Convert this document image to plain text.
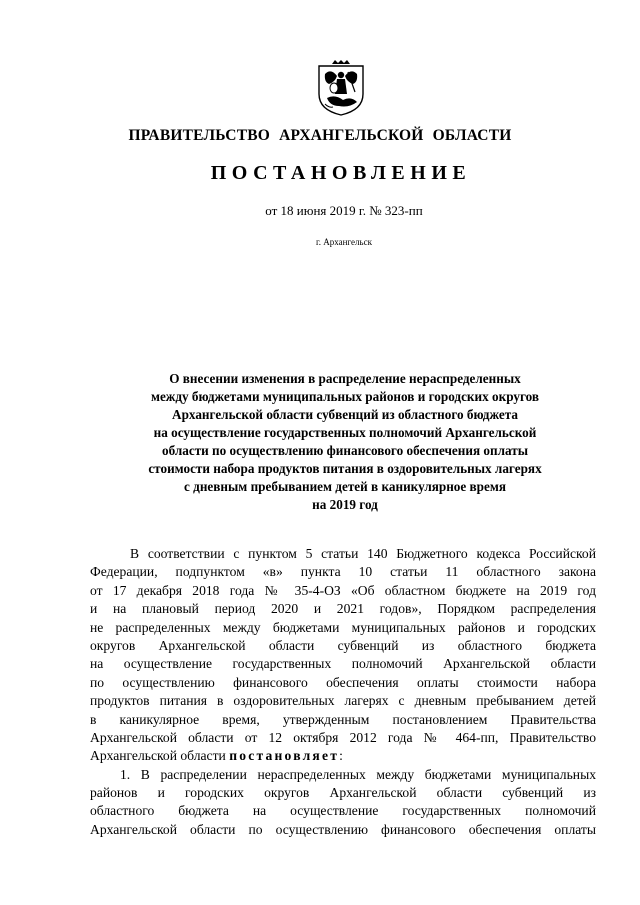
ПРАВИТЕЛЬСТВО АРХАНГЕЛЬСКОЙ ОБЛАСТИ
ПОСТАНОВЛЕНИЕ
от 18 июня 2019 г. № 323-пп
г. Архангельск
О внесении изменения в распределение нераспределенных
между бюджетами муниципальных районов и городских округов
Архангельской области субвенций из областного бюджета
на осуществление государственных полномочий Архангельской
области по осуществлению финансового обеспечения оплаты
стоимости набора продуктов питания в оздоровительных лагерях
с дневным пребыванием детей в каникулярное время
на 2019 год
В соответствии с пунктом 5 статьи 140 Бюджетного кодекса Российской
Федерации, подпунктом «в» пункта 10 статьи 11 областного закона
от 17 декабря 2018 года № 35-4-ОЗ «Об областном бюджете на 2019 год
и на плановый период 2020 и 2021 годов», Порядком распределения
не распределенных между бюджетами муниципальных районов и городских
округов Архангельской области субвенций из областного бюджета
на осуществление государственных полномочий Архангельской области
по осуществлению финансового обеспечения оплаты стоимости набора
продуктов питания в оздоровительных лагерях с дневным пребыванием детей
в каникулярное время, утвержденным постановлением Правительства
Архангельской области от 12 октября 2012 года № 464-пп, Правительство
Архангельской области постановляет:
1. В распределении нераспределенных между бюджетами муниципальных
районов и городских округов Архангельской области субвенций из
областного бюджета на осуществление государственных полномочий
Архангельской области по осуществлению финансового обеспечения оплаты
